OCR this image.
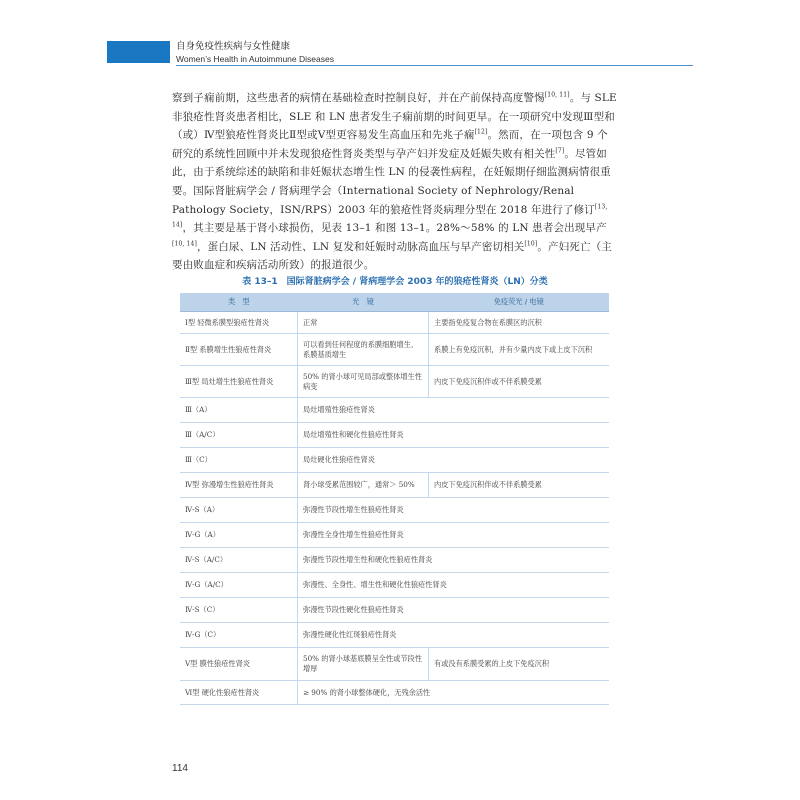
自身免疫性疾病与女性健康
Women’s Health in Autoimmune Diseases

察到子痫前期，这些患者的病情在基础检查时控制良好，并在产前保持高度警惕[10, 11]。与 SLE 非狼疮性肾炎患者相比，SLE 和 LN 患者发生子痫前期的时间更早。在一项研究中发现Ⅲ型和（或）Ⅳ型狼疮性肾炎比Ⅱ型或Ⅴ型更容易发生高血压和先兆子痫[12]。然而，在一项包含 9 个研究的系统性回顾中并未发现狼疮性肾炎类型与孕产妇并发症及妊娠失败有相关性[7]。尽管如此，由于系统综述的缺陷和非妊娠状态增生性 LN 的侵袭性病程，在妊娠期仔细监测病情很重要。国际肾脏病学会 / 肾病理学会（International Society of Nephrology/Renal Pathology Society，ISN/RPS）2003 年的狼疮性肾炎病理分型在 2018 年进行了修订[13, 14]，其主要是基于肾小球损伤，见表 13–1 和图 13–1。28%～58% 的 LN 患者会出现早产[10, 14]，蛋白尿、LN 活动性、LN 复发和妊娠时动脉高血压与早产密切相关[10]。产妇死亡（主要由败血症和疾病活动所致）的报道很少。

表 13–1　国际肾脏病学会 / 肾病理学会 2003 年的狼疮性肾炎（LN）分类
类　型	光　镜	免疫荧光 / 电镜
Ⅰ型 轻微系膜型狼疮性肾炎	正常	主要指免疫复合物在系膜区的沉积
Ⅱ型 系膜增生性狼疮性肾炎	可以看到任何程度的系膜细胞增生、系膜基质增生	系膜上有免疫沉积，并有少量内皮下或上皮下沉积
Ⅲ型 局灶增生性狼疮性肾炎	50% 的肾小球可见局部或整体增生性病变	内皮下免疫沉积伴或不伴系膜受累
Ⅲ（A）	局灶增殖性狼疮性肾炎	
Ⅲ（A/C）	局灶增殖性和硬化性狼疮性肾炎	
Ⅲ（C）	局灶硬化性狼疮性肾炎	
Ⅳ型 弥漫增生性狼疮性肾炎	肾小球受累范围较广，通常＞ 50%	内皮下免疫沉积伴或不伴系膜受累
Ⅳ-S（A）	弥漫性节段性增生性狼疮性肾炎	
Ⅳ-G（A）	弥漫性全身性增生性狼疮性肾炎	
Ⅳ-S（A/C）	弥漫性节段性增生性和硬化性狼疮性肾炎	
Ⅳ-G（A/C）	弥漫性、全身性、增生性和硬化性狼疮性肾炎	
Ⅳ-S（C）	弥漫性节段性硬化性狼疮性肾炎	
Ⅳ-G（C）	弥漫性硬化性红斑狼疮性肾炎	
Ⅴ型 膜性狼疮性肾炎	50% 的肾小球基底膜呈全性或节段性增厚	有或没有系膜受累的上皮下免疫沉积
Ⅵ型 硬化性狼疮性肾炎	≥ 90% 的肾小球整体硬化，无残余活性	
114
